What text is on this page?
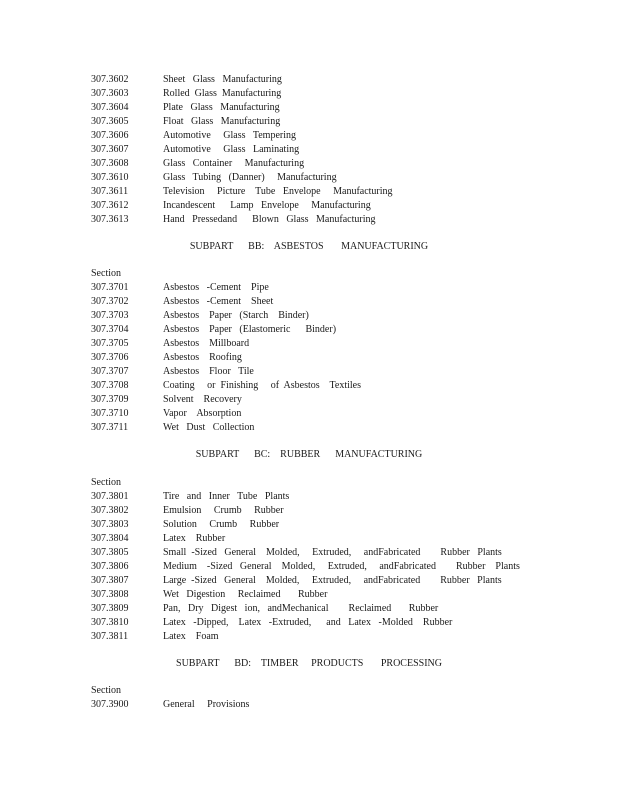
307.3602	Sheet   Glass   Manufacturing
307.3603	Rolled  Glass  Manufacturing
307.3604	Plate   Glass   Manufacturing
307.3605	Float   Glass   Manufacturing
307.3606	Automotive     Glass   Tempering
307.3607	Automotive     Glass   Laminating
307.3608	Glass   Container     Manufacturing
307.3610	Glass   Tubing   (Danner)     Manufacturing
307.3611	Television     Picture    Tube   Envelope     Manufacturing
307.3612	Incandescent      Lamp   Envelope     Manufacturing
307.3613	Hand   Pressedand      Blown   Glass   Manufacturing
SUBPART      BB:    ASBESTOS       MANUFACTURING
Section
307.3701	Asbestos   -Cement    Pipe
307.3702	Asbestos   -Cement    Sheet
307.3703	Asbestos    Paper   (Starch    Binder)
307.3704	Asbestos    Paper   (Elastomeric      Binder)
307.3705	Asbestos    Millboard
307.3706	Asbestos    Roofing
307.3707	Asbestos    Floor   Tile
307.3708	Coating     or  Finishing     of  Asbestos    Textiles
307.3709	Solvent    Recovery
307.3710	Vapor    Absorption
307.3711	Wet   Dust   Collection
SUBPART      BC:    RUBBER      MANUFACTURING
Section
307.3801	Tire   and   Inner   Tube   Plants
307.3802	Emulsion     Crumb     Rubber
307.3803	Solution     Crumb     Rubber
307.3804	Latex    Rubber
307.3805	Small  -Sized   General    Molded,     Extruded,     andFabricated        Rubber   Plants
307.3806	Medium    -Sized   General    Molded,     Extruded,     andFabricated        Rubber    Plants
307.3807	Large  -Sized   General    Molded,     Extruded,     andFabricated        Rubber   Plants
307.3808	Wet   Digestion     Reclaimed       Rubber
307.3809	Pan,   Dry   Digest   ion,   andMechanical        Reclaimed       Rubber
307.3810	Latex   -Dipped,    Latex   -Extruded,      and   Latex   -Molded    Rubber
307.3811	Latex    Foam
SUBPART      BD:    TIMBER     PRODUCTS       PROCESSING
Section
307.3900	General     Provisions
